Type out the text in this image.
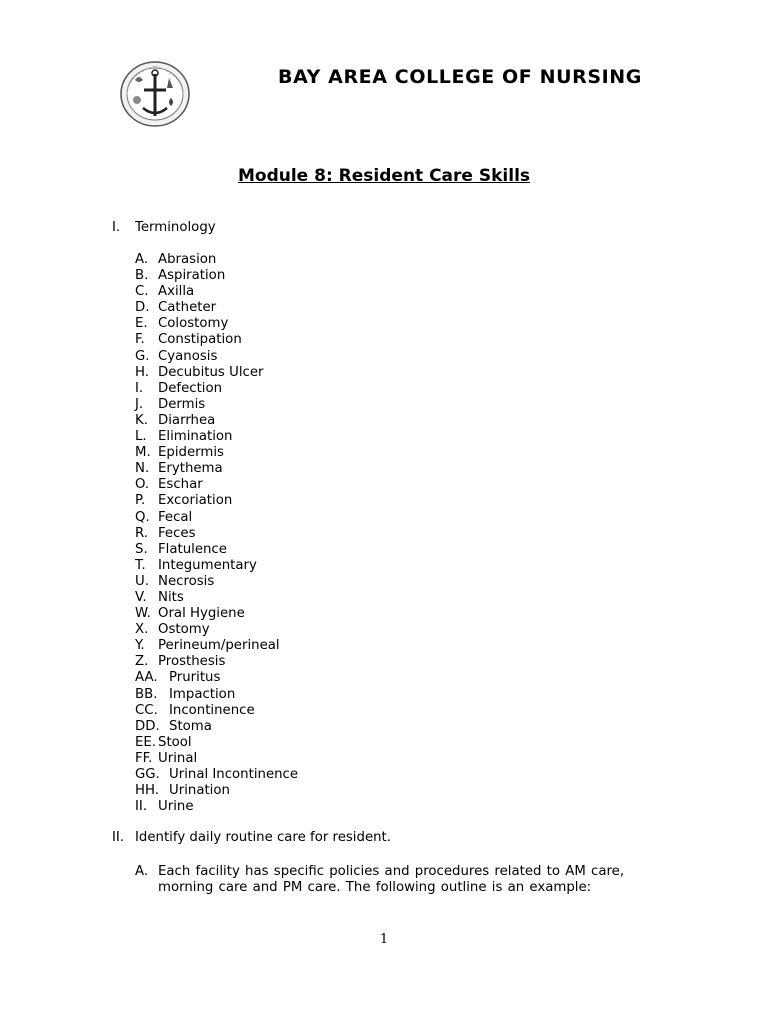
BAY AREA COLLEGE OF NURSING
Module 8: Resident Care Skills
I. Terminology
A. Abrasion
B. Aspiration
C. Axilla
D. Catheter
E. Colostomy
F. Constipation
G. Cyanosis
H. Decubitus Ulcer
I. Defection
J. Dermis
K. Diarrhea
L. Elimination
M. Epidermis
N. Erythema
O. Eschar
P. Excoriation
Q. Fecal
R. Feces
S. Flatulence
T. Integumentary
U. Necrosis
V. Nits
W. Oral Hygiene
X. Ostomy
Y. Perineum/perineal
Z. Prosthesis
AA. Pruritus
BB. Impaction
CC. Incontinence
DD. Stoma
EE. Stool
FF. Urinal
GG. Urinal Incontinence
HH. Urination
II. Urine
II. Identify daily routine care for resident.
A. Each facility has specific policies and procedures related to AM care, morning care and PM care. The following outline is an example:
1
